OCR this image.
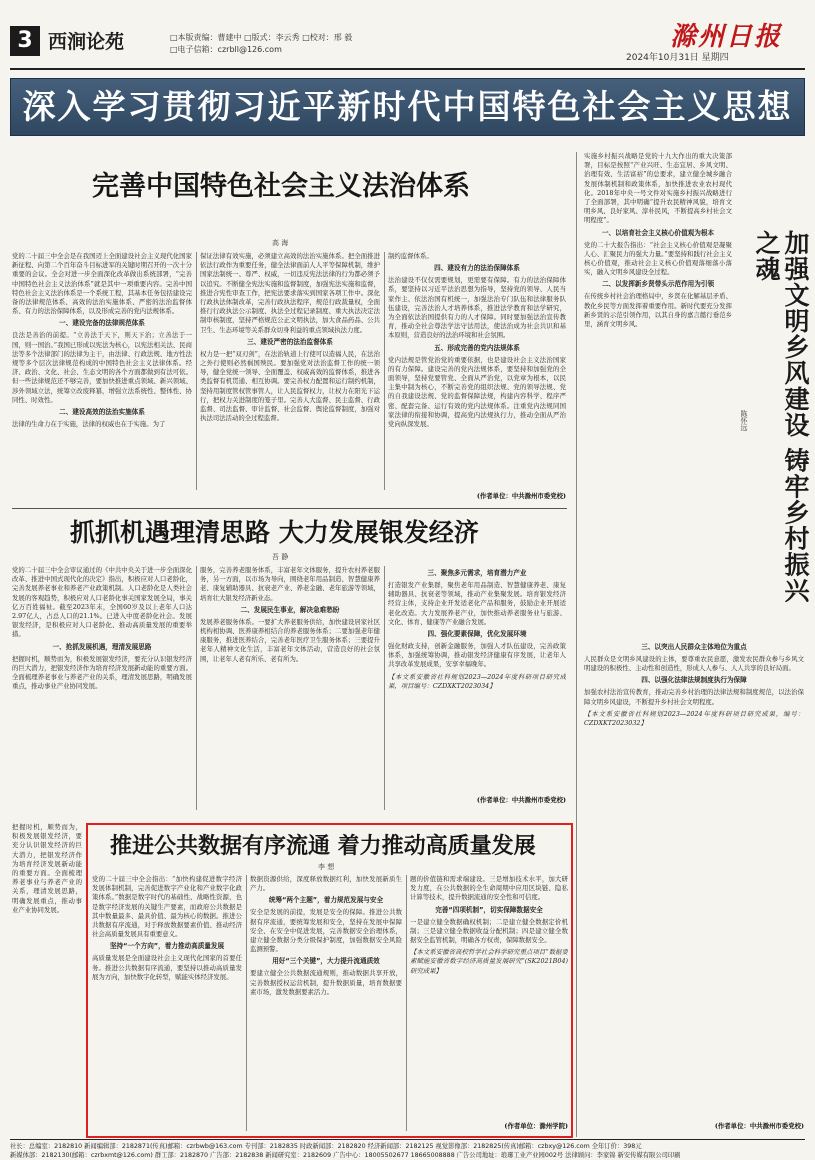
3 西涧论苑	□本版责编：曹建中 □版式：李云秀 □校对：邢 毅
□电子信箱：czrbll@126.com	滁州日报
2024年10月31日 星期四
深入学习贯彻习近平新时代中国特色社会主义思想
完善中国特色社会主义法治体系
高 海

党的二十届三中全会是在我国迈上全面建设社会主义现代化国家新征程、向第二个百年奋斗目标进军的关键时期召开的一次十分重要的会议。全会对进一步全面深化改革做出系统部署，“完善中国特色社会主义法治体系”就是其中一项重要内容。完善中国特色社会主义法治体系是一个系统工程，其基本任务包括建设完备的法律规范体系、高效的法治实施体系、严密的法治监督体系、有力的法治保障体系，以及形成完善的党内法规体系。

一、建设完备的法律规范体系

良法是善治的前提。“立善法于天下，则天下治；立善法于一国，则一国治。”我国已形成以宪法为核心，以宪法相关法、民商法等多个法律部门的法律为主干，由法律、行政法规、地方性法规等多个层次法律规范构成的中国特色社会主义法律体系。经济、政治、文化、社会、生态文明的各个方面都做到有法可依。但一些法律规范还不够完善，要加快推进重点领域、新兴领域、涉外领域立法，统筹立改废释纂，增强立法系统性、整体性、协同性、时效性。

二、建设高效的法治实施体系

法律的生命力在于实施，法律的权威也在于实施。为了

保证法律有效实施，必须建立高效的法治实施体系。把全面推进依法行政作为重要任务，健全法律面前人人平等保障机制，维护国家法制统一、尊严、权威，一切违反宪法法律的行为都必须予以追究。不断健全宪法实施和监督制度，加强宪法实施和监督，推进合宪性审查工作，把宪法要求落实到国家各项工作中。深化行政执法体制改革，完善行政执法程序，规范行政裁量权，全面推行行政执法公示制度、执法全过程记录制度、重大执法决定法制审核制度，坚持严格规范公正文明执法，加大食品药品、公共卫生、生态环境等关系群众切身利益的重点领域执法力度。

三、建设严密的法治监督体系

权力是一把“双刃剑”，在法治轨道上行使可以造福人民，在法治之外行使则必然祸国殃民。要加强党对法治监督工作的统一领导，健全党统一领导、全面覆盖、权威高效的监督体系，推进各类监督有机贯通、相互协调。要完善权力配置和运行制约机制，坚持用制度管权管事管人，让人民监督权力，让权力在阳光下运行，把权力关进制度的笼子里。完善人大监督、民主监督、行政监督、司法监督、审计监督、社会监督、舆论监督制度，加强对执法司法活动的全过程监督。

制约监督体系。

四、建设有力的法治保障体系

法治建设不仅仅需要规划，更需要有保障。有力的法治保障体系，要坚持以习近平法治思想为指导，坚持党的领导、人民当家作主、依法治国有机统一，加强法治专门队伍和法律服务队伍建设，完善法治人才培养体系，推进法学教育和法学研究，为全面依法治国提供有力的人才保障。同时要加强法治宣传教育，推动全社会尊法学法守法用法，使法治成为社会共识和基本原则，营造良好的法治环境和社会氛围。

五、形成完善的党内法规体系

党内法规是管党治党的重要依据，也是建设社会主义法治国家的有力保障。建设完善的党内法规体系，要坚持和加强党的全面领导，坚持党要管党、全面从严治党，以党章为根本，以民主集中制为核心，不断完善党的组织法规、党的领导法规、党的自我建设法规、党的监督保障法规，构建内容科学、程序严密、配套完备、运行有效的党内法规体系。注重党内法规同国家法律的衔接和协调，提高党内法规执行力，推动全面从严治党向纵深发展。

(作者单位：中共滁州市委党校)
抓抓机遇理清思路 大力发展银发经济
吾 静

党的二十届三中全会审议通过的《中共中央关于进一步全面深化改革、推进中国式现代化的决定》指出，积极应对人口老龄化，完善发展养老事业和养老产业政策机制。人口老龄化是人类社会发展的客观趋势，积极应对人口老龄化事关国家发展全局，事关亿万百姓福祉。截至2023年末，全国60岁及以上老年人口达2.97亿人，占总人口的21.1%。已进入中度老龄化社会。发展银发经济，是积极应对人口老龄化、推动高质量发展的重要举措。

一、抢抓发展机遇，理清发展思路

把握时机，顺势而为，积极发展银发经济，要充分认识银发经济的巨大潜力，把银发经济作为培育经济发展新动能的重要方面。全面梳理养老事业与养老产业的关系，理清发展思路，明确发展重点，推动事业产业协同发展。

服务，完善养老服务体系，丰富老年文体服务，提升农村养老服务，另一方面，以市场为导向，围绕老年用品制造、智慧健康养老、康复辅助器具、抗衰老产业、养老金融、老年旅游等领域，培育壮大银发经济新业态。

二、发展民生事业，解决急难愁盼

发展养老服务体系。一要扩大养老服务供给，加快建设居家社区机构相协调、医养康养相结合的养老服务体系；二要加强老年健康服务，推进医养结合，完善老年医疗卫生服务体系；三要提升老年人精神文化生活，丰富老年文体活动，营造良好的社会氛围，让老年人老有所乐、老有所为。

三、聚焦多元需求，培育潜力产业

打造银发产业集群，聚焦老年用品制造、智慧健康养老、康复辅助器具、抗衰老等领域，推动产业集聚发展。培育银发经济经营主体，支持企业开发适老化产品和服务，鼓励企业开展适老化改造。大力发展养老产业，加快推动养老服务业与旅游、文化、体育、健康等产业融合发展。

四、强化要素保障，优化发展环境

强化财政支持，创新金融服务，加强人才队伍建设，完善政策体系，加强统筹协调，推动银发经济健康有序发展，让老年人共享改革发展成果，安享幸福晚年。

【本文系安徽省社科规划2023—2024年度科研项目研究成果，项目编号：CZDXKT2023034】

(作者单位：中共滁州市委党校)
推进公共数据有序流通 着力推动高质量发展
李 想

党的二十届三中全会指出：“加快构建促进数字经济发展体制机制，完善促进数字产业化和产业数字化政策体系。”数据是数字时代的基础性、战略性资源，也是数字经济发展的关键生产要素，而政府公共数据是其中数量最多、最具价值、最为核心的数据。推进公共数据有序流通，对于释放数据要素价值、推动经济社会高质量发展具有重要意义。

坚持“一个方向”，着力推动高质量发展

高质量发展是全面建设社会主义现代化国家的首要任务。推进公共数据有序流通，要坚持以推动高质量发展为方向，加快数字化转型，赋能实体经济发展。

数据资源供给，深度释放数据红利，加快发展新质生产力。

统筹“两个主题”，着力规范发展与安全

安全是发展的前提，发展是安全的保障。推进公共数据有序流通，要统筹发展和安全，坚持在发展中保障安全、在安全中促进发展，完善数据安全治理体系，建立健全数据分类分级保护制度，加强数据安全风险监测预警。

用好“三个关键”，大力提升流通质效

要建立健全公共数据流通规则，推动数据共享开放，完善数据授权运营机制，提升数据质量，培育数据要素市场，激发数据要素活力。

题的价值链和需求端建设。三是增加技术水平，加大研发力度，在公共数据的全生命周期中应用区块链、隐私计算等技术，提升数据流通的安全性和可信度。

完善“四项机制”，切实保障数据安全

一是建立健全数据确权机制；二是建立健全数据定价机制；三是建立健全数据收益分配机制；四是建立健全数据安全监管机制，明确各方权责，保障数据安全。

【本文系安徽省高校哲学社会科学研究重点项目“数据要素赋能安徽省数字经济高质量发展研究”(SK2021B04)研究成果】

(作者单位：滁州学院)

把握时机，顺势而为，积极发展银发经济，要充分认识银发经济的巨大潜力，把银发经济作为培育经济发展新动能的重要方面。全面梳理养老事业与养老产业的关系，理清发展思路，明确发展重点，推动事业产业协同发展。

实施乡村振兴战略是党的十九大作出的重大决策部署，目标是按照“产业兴旺、生态宜居、乡风文明、治理有效、生活富裕”的总要求，建立健全城乡融合发展体制机制和政策体系，加快推进农业农村现代化。2018年中央一号文件对实施乡村振兴战略进行了全面部署，其中明确“提升农民精神风貌，培育文明乡风、良好家风、淳朴民风，不断提高乡村社会文明程度”。

一、以培育社会主义核心价值观为根本

党的二十大报告指出：“社会主义核心价值观是凝聚人心、汇聚民力的强大力量。”要坚持和践行社会主义核心价值观，推动社会主义核心价值观落细落小落实，融入文明乡风建设全过程。

二、以发挥新乡贤带头示范作用为引领

在传统乡村社会治理格局中，乡贤在化解基层矛盾、教化乡民等方面发挥着重要作用。新时代要充分发挥新乡贤的示范引领作用，以其自身的嘉言懿行垂范乡里，涵育文明乡风。	加强文明乡风建设 铸牢乡村振兴之魂
陈怀远
三、以突出人民群众主体地位为重点

人民群众是文明乡风建设的主体，要尊重农民意愿，激发农民群众参与乡风文明建设的积极性、主动性和创造性，形成人人参与、人人共享的良好局面。

四、以强化法律法规制度执行为保障

加强农村法治宣传教育，推动完善乡村治理的法律法规和制度规范，以法治保障文明乡风建设，不断提升乡村社会文明程度。

【本文系安徽省社科规划2023—2024年度科研项目研究成果，编号：CZDXKT2023032】

(作者单位：中共滁州市委党校)
社长：总编室：2182810 新闻编辑部：2182871(传真)邮箱：czrbwb@163.com 专刊部：2182835 时政新闻部：2182820 经济新闻部：2182125 视觉影像部：2182825(传真)邮箱：czbxy@126.com 全年订价：398元
新媒体部：2182130(邮箱：czrbxmt@126.com) 群工部：2182870 广告部：2182838 新闻研究室：2182609 广告中心：18005502677 18665008888 广告公司地址：琅琊工业产业园002号 法律顾问：李家锦 新安传媒有限公司印刷
